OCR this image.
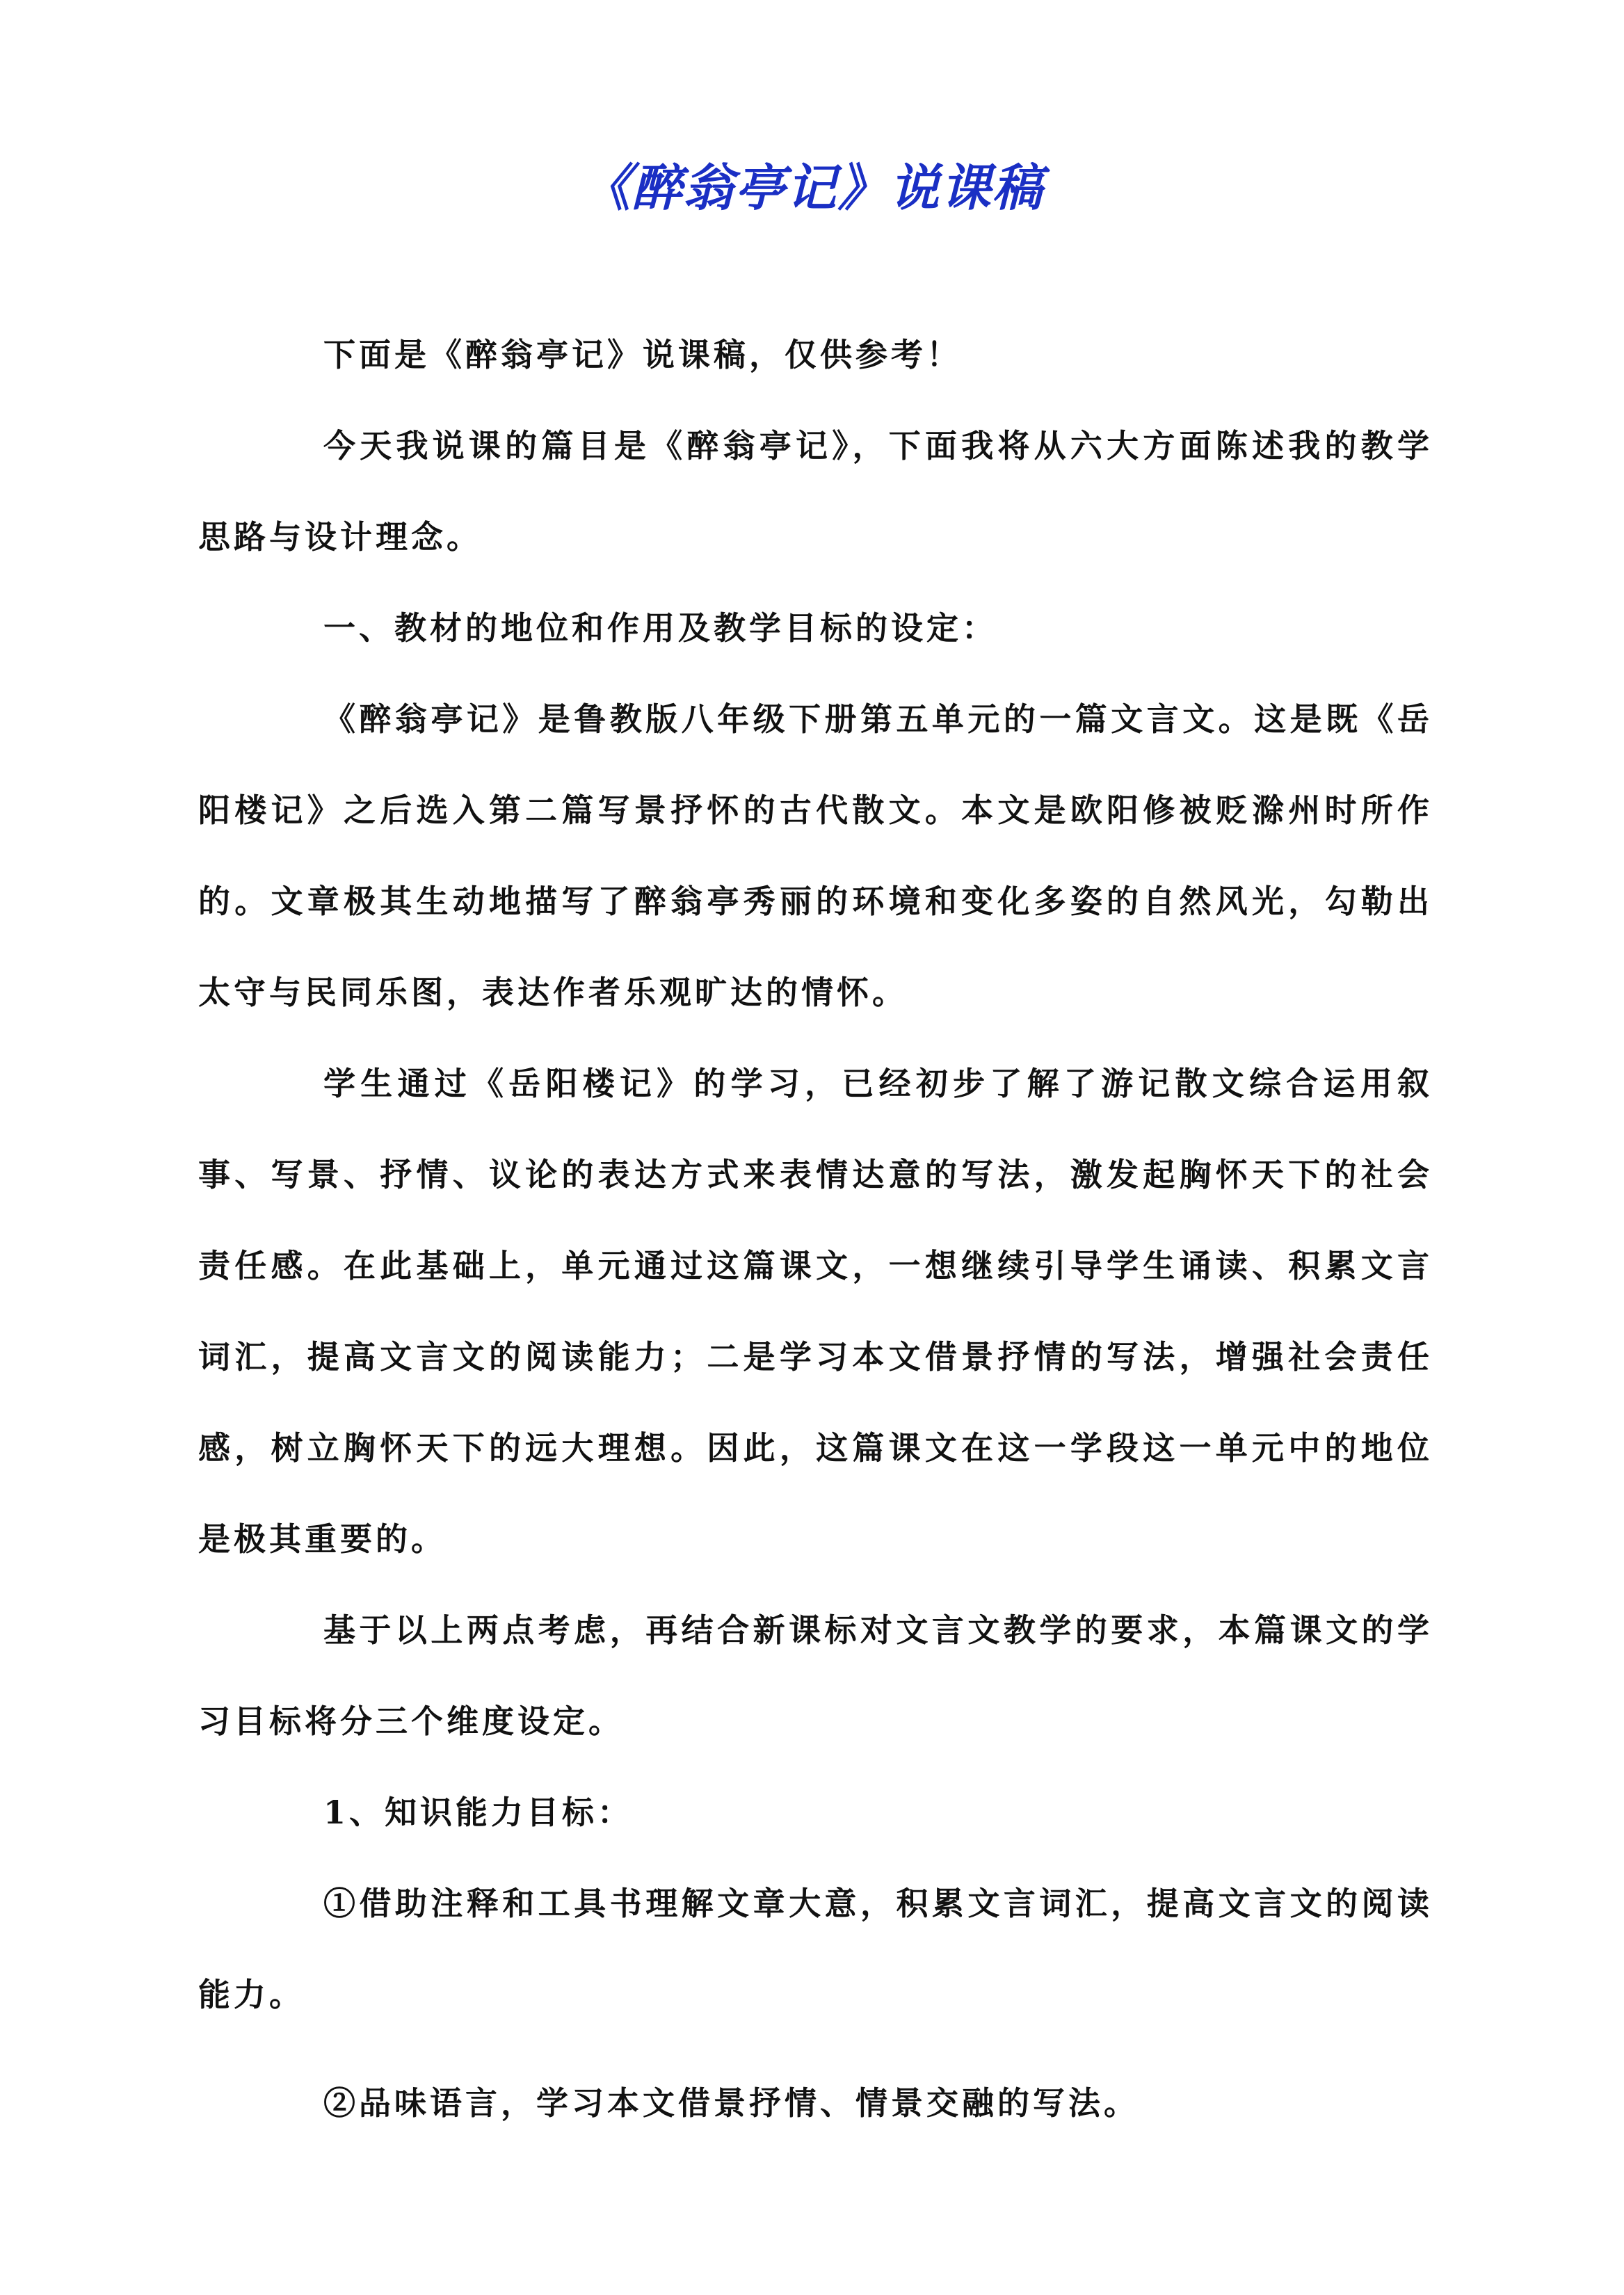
《醉翁亭记》说课稿

下面是《醉翁亭记》说课稿，仅供参考！

今天我说课的篇目是《醉翁亭记》，下面我将从六大方面陈述我的教学思路与设计理念。

一、教材的地位和作用及教学目标的设定：

《醉翁亭记》是鲁教版八年级下册第五单元的一篇文言文。这是既《岳阳楼记》之后选入第二篇写景抒怀的古代散文。本文是欧阳修被贬滁州时所作的。文章极其生动地描写了醉翁亭秀丽的环境和变化多姿的自然风光，勾勒出太守与民同乐图，表达作者乐观旷达的情怀。

学生通过《岳阳楼记》的学习，已经初步了解了游记散文综合运用叙事、写景、抒情、议论的表达方式来表情达意的写法，激发起胸怀天下的社会责任感。在此基础上，单元通过这篇课文，一想继续引导学生诵读、积累文言词汇，提高文言文的阅读能力；二是学习本文借景抒情的写法，增强社会责任感，树立胸怀天下的远大理想。因此，这篇课文在这一学段这一单元中的地位是极其重要的。

基于以上两点考虑，再结合新课标对文言文教学的要求，本篇课文的学习目标将分三个维度设定。

1、知识能力目标：

①借助注释和工具书理解文章大意，积累文言词汇，提高文言文的阅读能力。

②品味语言，学习本文借景抒情、情景交融的写法。
